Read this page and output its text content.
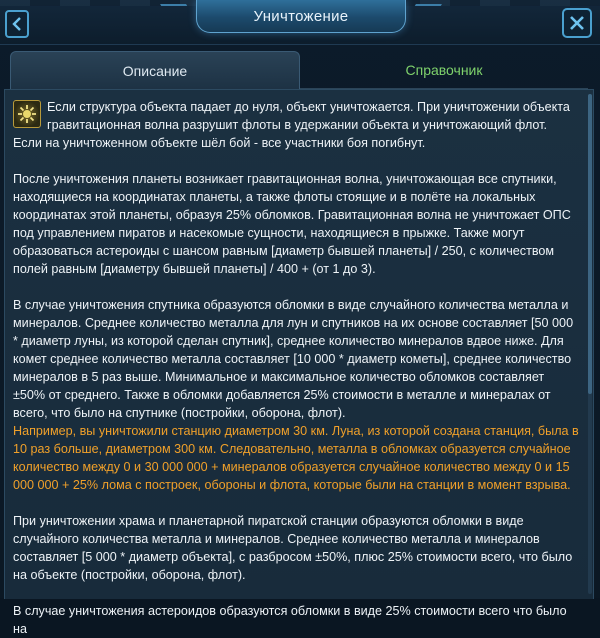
Уничтожение
Описание	Справочник

Если структура объекта падает до нуля, объект уничтожается. При уничтожении объекта гравитационная волна разрушит флоты в удержании объекта и уничтожающий флот. Если на уничтоженном объекте шёл бой - все участники боя погибнут.

После уничтожения планеты возникает гравитационная волна, уничтожающая все спутники, находящиеся на координатах планеты, а также флоты стоящие и в полёте на локальных координатах этой планеты, образуя 25% обломков. Гравитационная волна не уничтожает ОПС под управлением пиратов и насекомые сущности, находящиеся в прыжке. Также могут образоваться астероиды с шансом равным [диаметр бывшей планеты] / 250, с количеством полей равным [диаметру бывшей планеты] / 400 + (от 1 до 3).

В случае уничтожения спутника образуются обломки в виде случайного количества металла и минералов. Среднее количество металла для лун и спутников на их основе составляет [50 000 * диаметр луны, из которой сделан спутник], среднее количество минералов вдвое ниже. Для комет среднее количество металла составляет [10 000 * диаметр кометы], среднее количество минералов в 5 раз выше. Минимальное и максимальное количество обломков составляет ±50% от среднего. Также в обломки добавляется 25% стоимости в металле и минералах от всего, что было на спутнике (постройки, оборона, флот).

Например, вы уничтожили станцию диаметром 30 км. Луна, из которой создана станция, была в 10 раз больше, диаметром 300 км. Следовательно, металла в обломках образуется случайное количество между 0 и 30 000 000 + минералов образуется случайное количество между 0 и 15 000 000 + 25% лома с построек, обороны и флота, которые были на станции в момент взрыва.

При уничтожении храма и планетарной пиратской станции образуются обломки в виде случайного количества металла и минералов. Среднее количество металла и минералов составляет [5 000 * диаметр объекта], с разбросом ±50%, плюс 25% стоимости всего, что было на объекте (постройки, оборона, флот).

В случае уничтожения астероидов образуются обломки в виде 25% стоимости всего что было на
